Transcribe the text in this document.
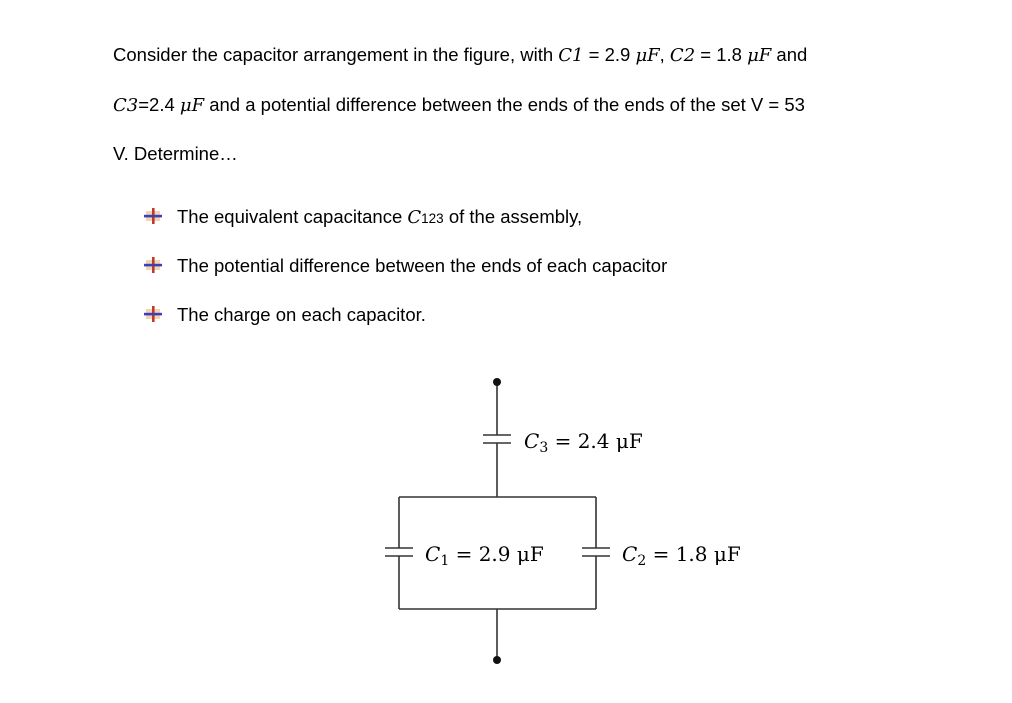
Consider the capacitor arrangement in the figure, with C1 = 2.9 μF, C2 = 1.8 μF and
C3=2.4 μF and a potential difference between the ends of the ends of the set V = 53
V. Determine…
The equivalent capacitance C123 of the assembly,
The potential difference between the ends of each capacitor
The charge on each capacitor.
$C_3 = 2.4$ μF
$C_1 = 2.9$ μF	$C_2 = 1.8$ μF
